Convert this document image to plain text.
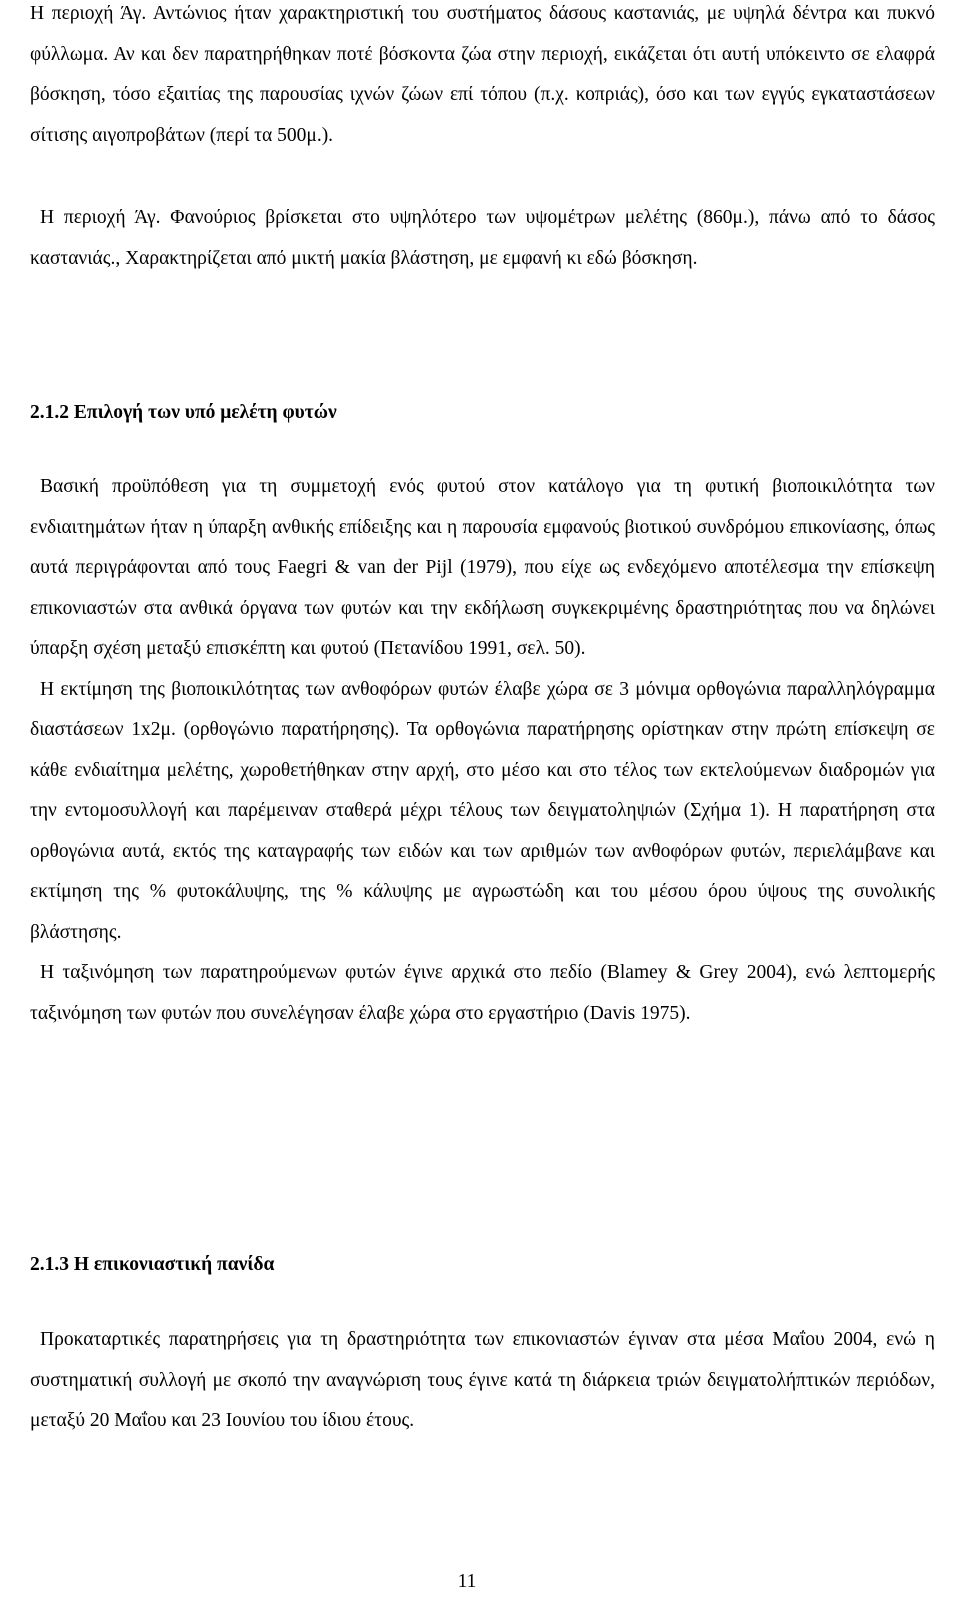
Η περιοχή Άγ. Αντώνιος ήταν χαρακτηριστική του συστήματος δάσους καστανιάς, με υψηλά δέντρα και πυκνό φύλλωμα. Αν και δεν παρατηρήθηκαν ποτέ βόσκοντα ζώα στην περιοχή, εικάζεται ότι αυτή υπόκειντο σε ελαφρά βόσκηση, τόσο εξαιτίας της παρουσίας ιχνών ζώων επί τόπου (π.χ. κοπριάς), όσο και των εγγύς εγκαταστάσεων σίτισης αιγοπροβάτων (περί τα 500μ.).

Η περιοχή Άγ. Φανούριος βρίσκεται στο υψηλότερο των υψομέτρων μελέτης (860μ.), πάνω από το δάσος καστανιάς., Χαρακτηρίζεται από μικτή μακία βλάστηση, με εμφανή κι εδώ βόσκηση.

2.1.2 Επιλογή των υπό μελέτη φυτών

Βασική προϋπόθεση για τη συμμετοχή ενός φυτού στον κατάλογο για τη φυτική βιοποικιλότητα των ενδιαιτημάτων ήταν η ύπαρξη ανθικής επίδειξης και η παρουσία εμφανούς βιοτικού συνδρόμου επικονίασης, όπως αυτά περιγράφονται από τους Faegri & van der Pijl (1979), που είχε ως ενδεχόμενο αποτέλεσμα την επίσκεψη επικονιαστών στα ανθικά όργανα των φυτών και την εκδήλωση συγκεκριμένης δραστηριότητας που να δηλώνει ύπαρξη σχέση μεταξύ επισκέπτη και φυτού (Πετανίδου 1991, σελ. 50).

Η εκτίμηση της βιοποικιλότητας των ανθοφόρων φυτών έλαβε χώρα σε 3 μόνιμα ορθογώνια παραλληλόγραμμα διαστάσεων 1x2μ. (ορθογώνιο παρατήρησης). Τα ορθογώνια παρατήρησης ορίστηκαν στην πρώτη επίσκεψη σε κάθε ενδιαίτημα μελέτης, χωροθετήθηκαν στην αρχή, στο μέσο και στο τέλος των εκτελούμενων διαδρομών για την εντομοσυλλογή και παρέμειναν σταθερά μέχρι τέλους των δειγματοληψιών (Σχήμα 1). Η παρατήρηση στα ορθογώνια αυτά, εκτός της καταγραφής των ειδών και των αριθμών των ανθοφόρων φυτών, περιελάμβανε και εκτίμηση της % φυτοκάλυψης, της % κάλυψης με αγρωστώδη και του μέσου όρου ύψους της συνολικής βλάστησης.

Η ταξινόμηση των παρατηρούμενων φυτών έγινε αρχικά στο πεδίο (Blamey & Grey 2004), ενώ λεπτομερής ταξινόμηση των φυτών που συνελέγησαν έλαβε χώρα στο εργαστήριο (Davis 1975).

2.1.3 Η επικονιαστική πανίδα

Προκαταρτικές παρατηρήσεις για τη δραστηριότητα των επικονιαστών έγιναν στα μέσα Μαΐου 2004, ενώ η συστηματική συλλογή με σκοπό την αναγνώριση τους έγινε κατά τη διάρκεια τριών δειγματολήπτικών περιόδων, μεταξύ 20 Μαΐου και 23 Ιουνίου του ίδιου έτους.

11
